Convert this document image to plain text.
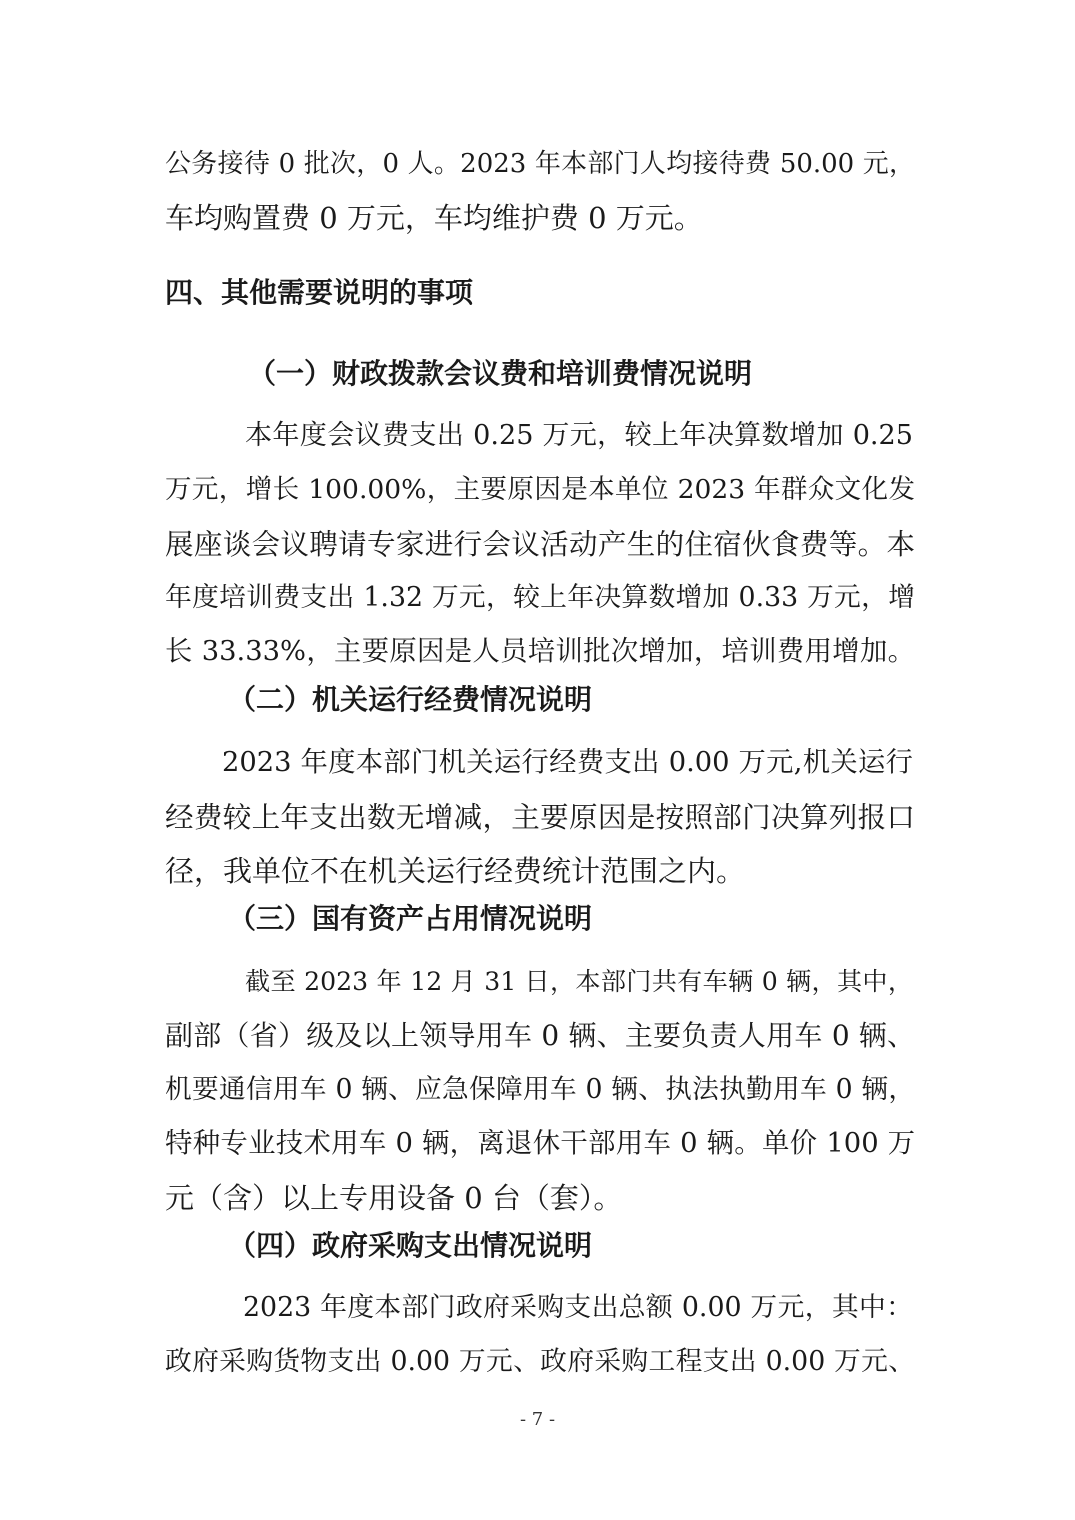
公务接待 0 批次，0 人。2023 年本部门人均接待费 50.00 元，
车均购置费 0 万元，车均维护费 0 万元。
四、其他需要说明的事项
（一）财政拨款会议费和培训费情况说明
本年度会议费支出 0.25 万元，较上年决算数增加 0.25
万元，增长 100.00%，主要原因是本单位 2023 年群众文化发
展座谈会议聘请专家进行会议活动产生的住宿伙食费等。本
年度培训费支出 1.32 万元，较上年决算数增加 0.33 万元，增
长 33.33%，主要原因是人员培训批次增加，培训费用增加。
（二）机关运行经费情况说明
2023 年度本部门机关运行经费支出 0.00 万元,机关运行
经费较上年支出数无增减，主要原因是按照部门决算列报口
径，我单位不在机关运行经费统计范围之内。
（三）国有资产占用情况说明
截至 2023 年 12 月 31 日，本部门共有车辆 0 辆，其中，
副部（省）级及以上领导用车 0 辆、主要负责人用车 0 辆、
机要通信用车 0 辆、应急保障用车 0 辆、执法执勤用车 0 辆，
特种专业技术用车 0 辆，离退休干部用车 0 辆。单价 100 万
元（含）以上专用设备 0 台（套）。
（四）政府采购支出情况说明
2023 年度本部门政府采购支出总额 0.00 万元，其中：
政府采购货物支出 0.00 万元、政府采购工程支出 0.00 万元、
- 7 -
